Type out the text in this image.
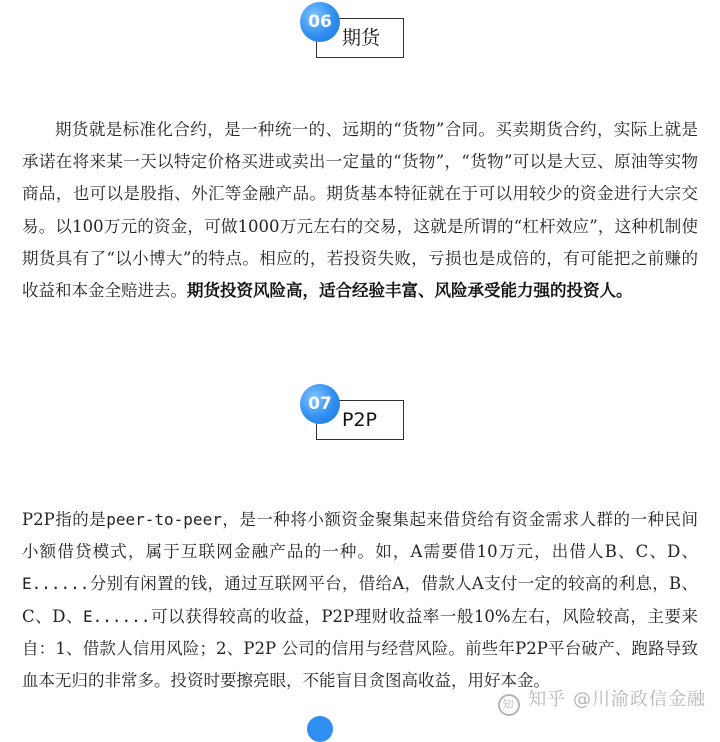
06
期货

期货就是标准化合约，是一种统一的、远期的“货物”合同。买卖期货合约，实际上就是承诺在将来某一天以特定价格买进或卖出一定量的“货物”，“货物”可以是大豆、原油等实物商品，也可以是股指、外汇等金融产品。期货基本特征就在于可以用较少的资金进行大宗交易。以100万元的资金，可做1000万元左右的交易，这就是所谓的“杠杆效应”，这种机制使期货具有了“以小博大”的特点。相应的，若投资失败，亏损也是成倍的，有可能把之前赚的收益和本金全赔进去。期货投资风险高，适合经验丰富、风险承受能力强的投资人。

07
P2P

P2P指的是peer-to-peer，是一种将小额资金聚集起来借贷给有资金需求人群的一种民间小额借贷模式，属于互联网金融产品的一种。如，A需要借10万元，出借人B、C、D、E......分别有闲置的钱，通过互联网平台，借给A，借款人A支付一定的较高的利息，B、C、D、E......可以获得较高的收益，P2P理财收益率一般10%左右，风险较高，主要来自：1、借款人信用风险；2、P2P 公司的信用与经营风险。前些年P2P平台破产、跑路导致血本无归的非常多。投资时要擦亮眼，不能盲目贪图高收益，用好本金。

知 知乎 @川渝政信金融
